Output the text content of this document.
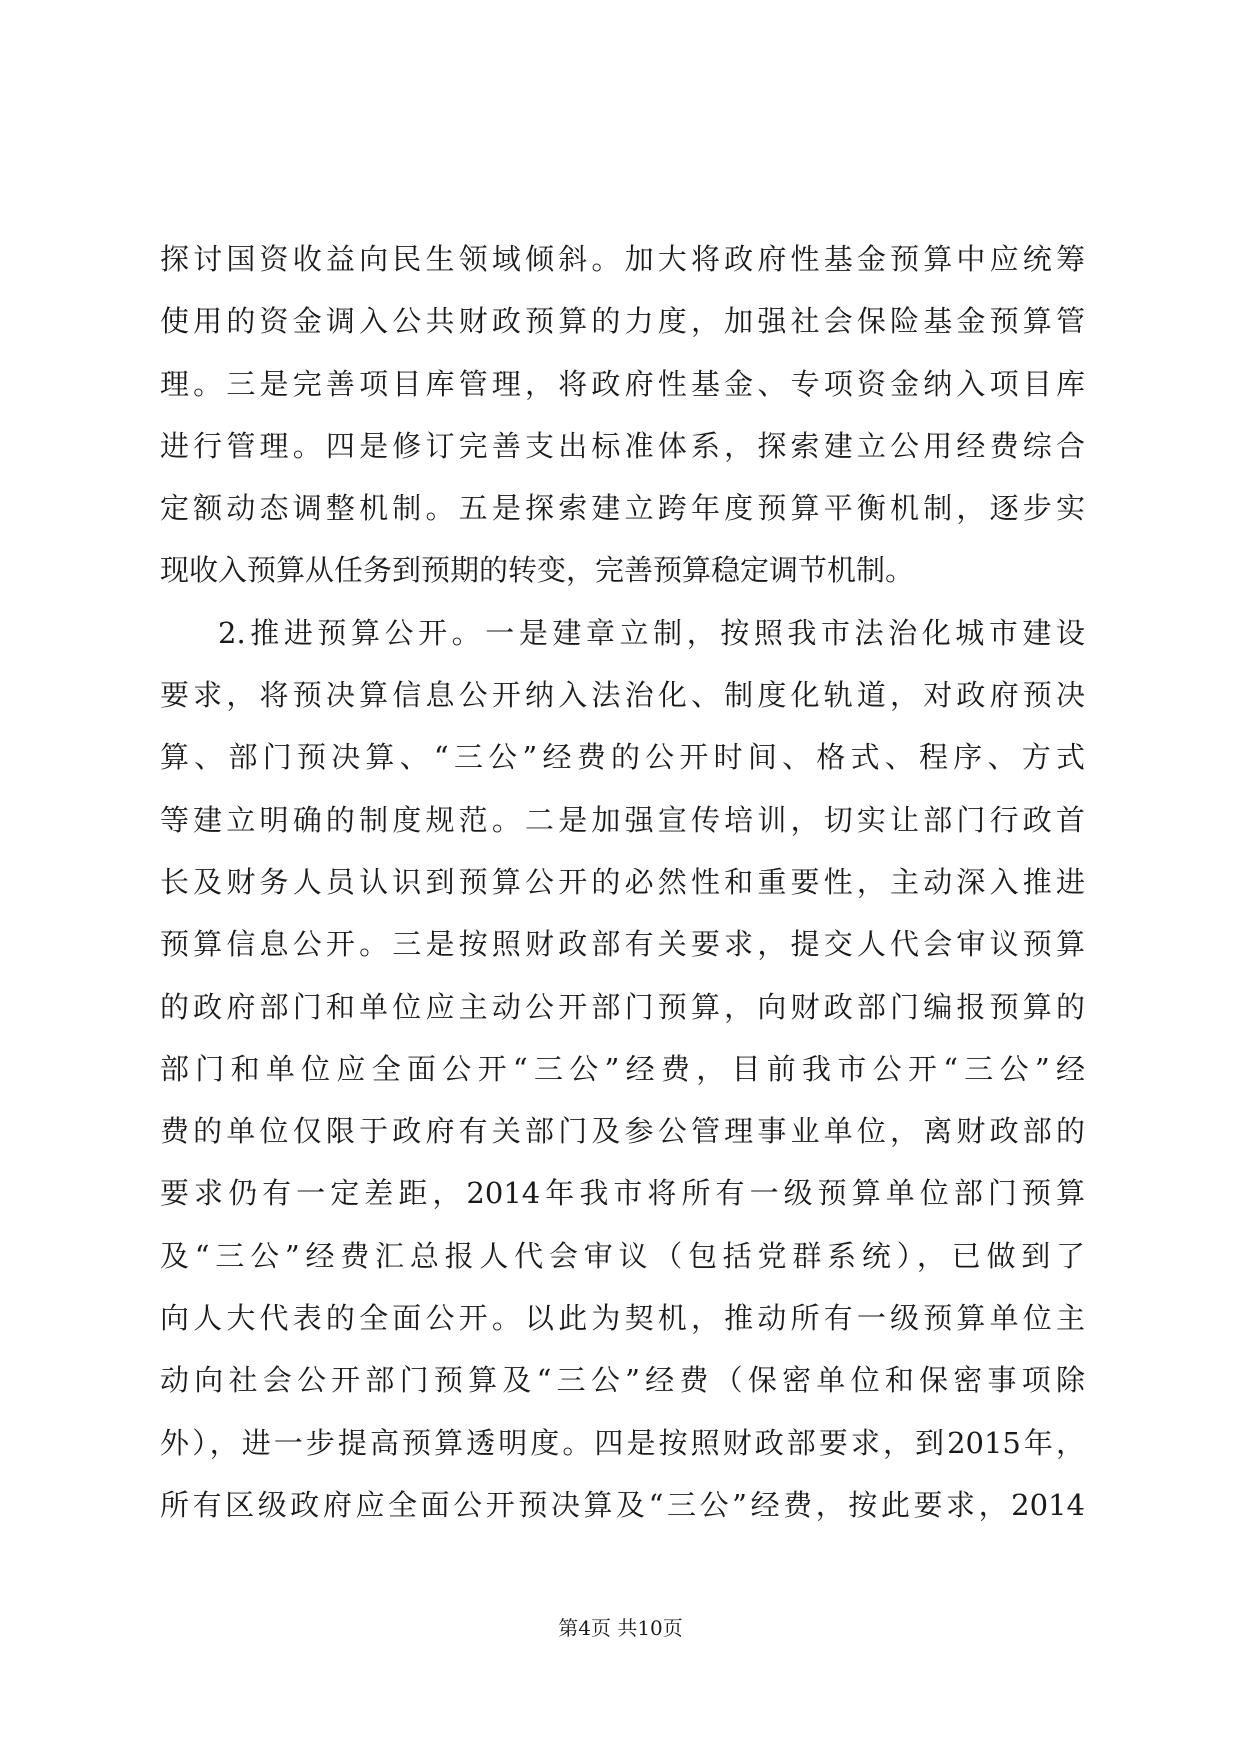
探讨国资收益向民生领域倾斜。加大将政府性基金预算中应统筹
使用的资金调入公共财政预算的力度，加强社会保险基金预算管
理。三是完善项目库管理，将政府性基金、专项资金纳入项目库
进行管理。四是修订完善支出标准体系，探索建立公用经费综合
定额动态调整机制。五是探索建立跨年度预算平衡机制，逐步实
现收入预算从任务到预期的转变，完善预算稳定调节机制。
2.推进预算公开。一是建章立制，按照我市法治化城市建设
要求，将预决算信息公开纳入法治化、制度化轨道，对政府预决
算、部门预决算、“三公”经费的公开时间、格式、程序、方式
等建立明确的制度规范。二是加强宣传培训，切实让部门行政首
长及财务人员认识到预算公开的必然性和重要性，主动深入推进
预算信息公开。三是按照财政部有关要求，提交人代会审议预算
的政府部门和单位应主动公开部门预算，向财政部门编报预算的
部门和单位应全面公开“三公”经费，目前我市公开“三公”经
费的单位仅限于政府有关部门及参公管理事业单位，离财政部的
要求仍有一定差距，2014年我市将所有一级预算单位部门预算
及“三公”经费汇总报人代会审议（包括党群系统），已做到了
向人大代表的全面公开。以此为契机，推动所有一级预算单位主
动向社会公开部门预算及“三公”经费（保密单位和保密事项除
外），进一步提高预算透明度。四是按照财政部要求，到2015年，
所有区级政府应全面公开预决算及“三公”经费，按此要求，2014
第4页 共10页
